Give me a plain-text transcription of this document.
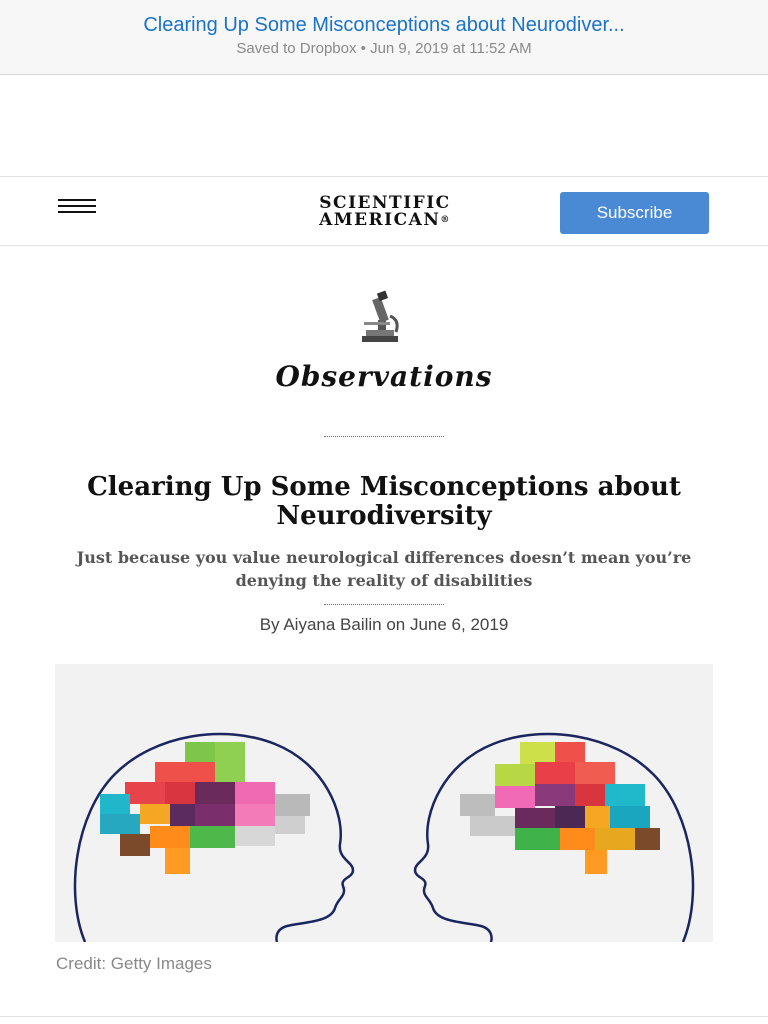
Clearing Up Some Misconceptions about Neurodiver...
Saved to Dropbox • Jun 9, 2019 at 11:52 AM
SCIENTIFIC
AMERICAN®	Subscribe
Observations
Clearing Up Some Misconceptions about Neurodiversity
Just because you value neurological differences doesn’t mean you’re denying the reality of disabilities
By Aiyana Bailin on June 6, 2019
Credit: Getty Images
